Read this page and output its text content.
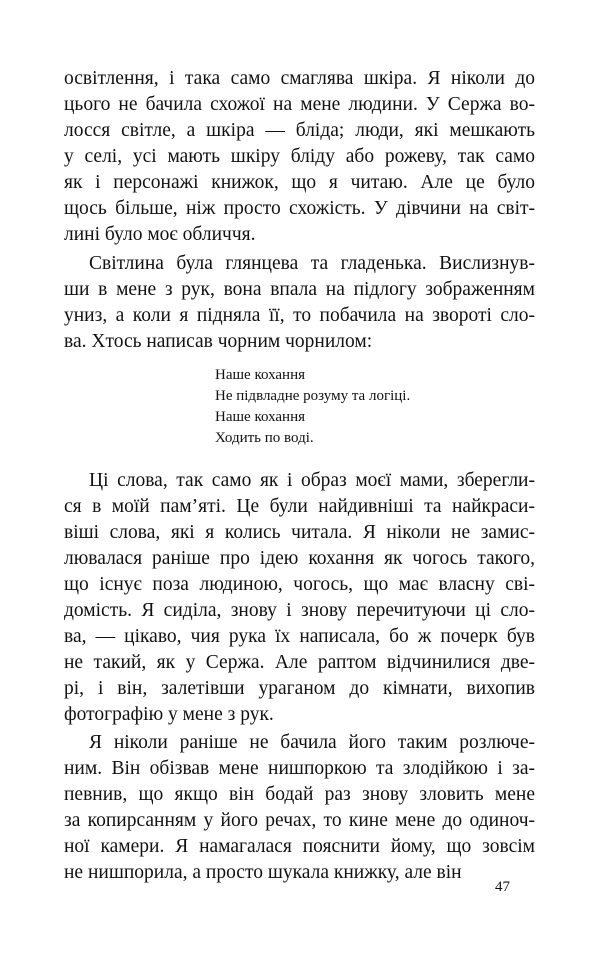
освітлення, і така само смаглява шкіра. Я ніколи до
цього не бачила схожої на мене людини. У Сержа во-
лосся світле, а шкіра — бліда; люди, які мешкають
у селі, усі мають шкіру бліду або рожеву, так само
як і персонажі книжок, що я читаю. Але це було
щось більше, ніж просто схожість. У дівчини на світ-
лині було моє обличчя.
Світлина була глянцева та гладенька. Вислизнув-
ши в мене з рук, вона впала на підлогу зображенням
униз, а коли я підняла її, то побачила на звороті сло-
ва. Хтось написав чорним чорнилом:
Наше кохання
Не підвладне розуму та логіці.
Наше кохання
Ходить по воді.
Ці слова, так само як і образ моєї мами, зберегли-
ся в моїй пам’яті. Це були найдивніші та найкраси-
віші слова, які я колись читала. Я ніколи не замис-
лювалася раніше про ідею кохання як чогось такого,
що існує поза людиною, чогось, що має власну сві-
домість. Я сиділа, знову і знову перечитуючи ці сло-
ва, — цікаво, чия рука їх написала, бо ж почерк був
не такий, як у Сержа. Але раптом відчинилися две-
рі, і він, залетівши ураганом до кімнати, вихопив
фотографію у мене з рук.
Я ніколи раніше не бачила його таким розлюче-
ним. Він обізвав мене нишпоркою та злодійкою і за-
певнив, що якщо він бодай раз знову зловить мене
за копирсанням у його речах, то кине мене до одиноч-
ної камери. Я намагалася пояснити йому, що зовсім
не нишпорила, а просто шукала книжку, але він
47
